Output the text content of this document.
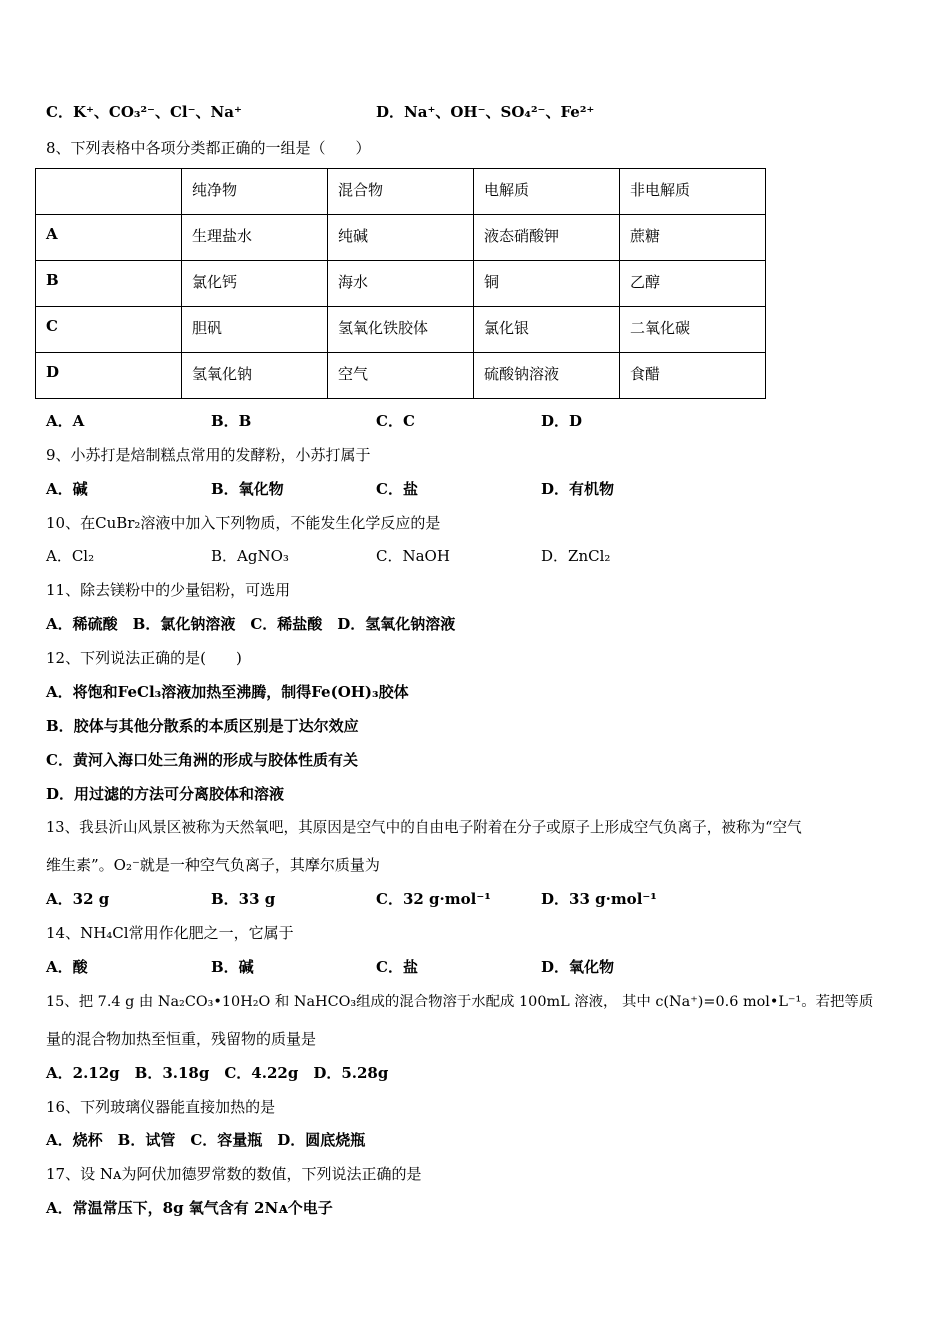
C．K⁺、CO₃²⁻、Cl⁻、Na⁺	D．Na⁺、OH⁻、SO₄²⁻、Fe²⁺
8、下列表格中各项分类都正确的一组是（　　）
	纯净物	混合物	电解质	非电解质
A	生理盐水	纯碱	液态硝酸钾	蔗糖
B	氯化钙	海水	铜	乙醇
C	胆矾	氢氧化铁胶体	氯化银	二氧化碳
D	氢氧化钠	空气	硫酸钠溶液	食醋
A．A	B．B	C．C	D．D
9、小苏打是焙制糕点常用的发酵粉，小苏打属于
A．碱	B．氧化物	C．盐	D．有机物
10、在CuBr₂溶液中加入下列物质，不能发生化学反应的是
A．Cl₂	B．AgNO₃	C．NaOH	D．ZnCl₂
11、除去镁粉中的少量铝粉，可选用
A．稀硫酸　B．氯化钠溶液　C．稀盐酸　D．氢氧化钠溶液
12、下列说法正确的是(　　)
A．将饱和FeCl₃溶液加热至沸腾，制得Fe(OH)₃胶体
B．胶体与其他分散系的本质区别是丁达尔效应
C．黄河入海口处三角洲的形成与胶体性质有关
D．用过滤的方法可分离胶体和溶液
13、我县沂山风景区被称为天然氧吧，其原因是空气中的自由电子附着在分子或原子上形成空气负离子，被称为“空气
维生素”。O₂⁻就是一种空气负离子，其摩尔质量为
A．32 g	B．33 g	C．32 g·mol⁻¹	D．33 g·mol⁻¹
14、NH₄Cl常用作化肥之一，它属于
A．酸	B．碱	C．盐	D．氧化物
15、把 7.4 g 由 Na₂CO₃•10H₂O 和 NaHCO₃组成的混合物溶于水配成 100mL 溶液， 其中 c(Na⁺)=0.6 mol•L⁻¹。若把等质
量的混合物加热至恒重，残留物的质量是
A．2.12g　B．3.18g　C．4.22g　D．5.28g
16、下列玻璃仪器能直接加热的是
A．烧杯　B．试管　C．容量瓶　D．圆底烧瓶
17、设 Nᴀ为阿伏加德罗常数的数值，下列说法正确的是
A．常温常压下，8g 氧气含有 2Nᴀ个电子
